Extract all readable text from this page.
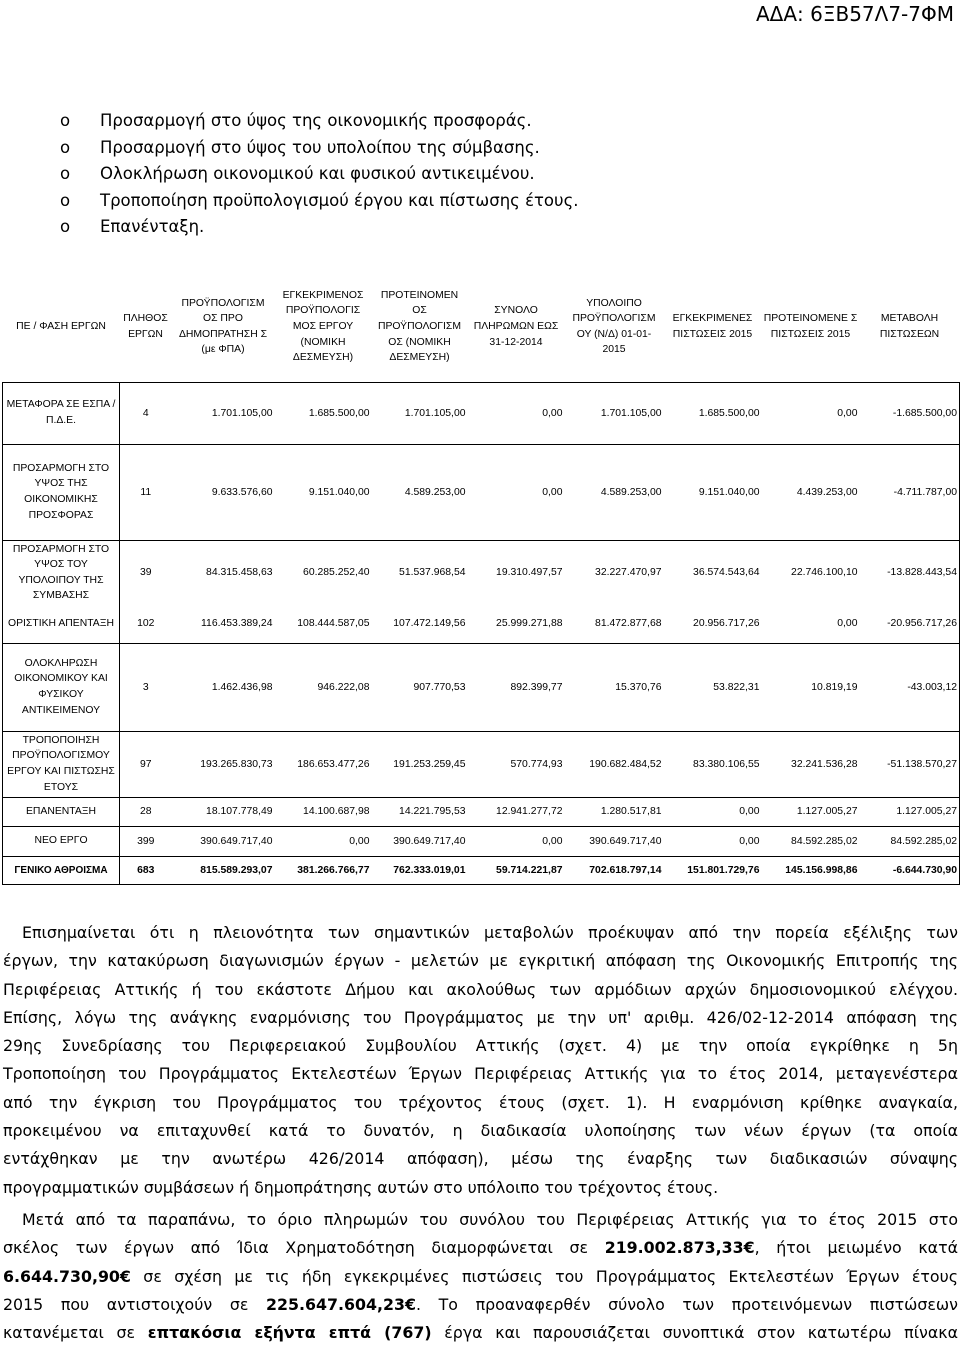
ΑΔΑ: 6ΞΒ57Λ7-7ΦΜ
o Προσαρμογή στο ύψος της οικονομικής προσφοράς.
o Προσαρμογή στο ύψος του υπολοίπου της σύμβασης.
o Ολοκλήρωση οικονομικού και φυσικού αντικειμένου.
o Τροποποίηση προϋπολογισμού έργου και πίστωσης έτους.
o Επανένταξη.
ΠΕ / ΦΑΣΗ ΕΡΓΩΝ	ΠΛΗΘΟΣ ΕΡΓΩΝ	ΠΡΟΫΠΟΛΟΓΙΣΜ ΟΣ ΠΡΟ ΔΗΜΟΠΡΑΤΗΣΗ Σ (με ΦΠΑ)	ΕΓΚΕΚΡΙΜΕΝΟΣ ΠΡΟΫΠΟΛΟΓΙΣ ΜΟΣ ΕΡΓΟΥ (ΝΟΜΙΚΗ ΔΕΣΜΕΥΣΗ)	ΠΡΟΤΕΙΝΟΜΕΝ ΟΣ ΠΡΟΫΠΟΛΟΓΙΣΜ ΟΣ (ΝΟΜΙΚΗ ΔΕΣΜΕΥΣΗ)	ΣΥΝΟΛΟ ΠΛΗΡΩΜΩΝ ΕΩΣ 31-12-2014	ΥΠΟΛΟΙΠΟ ΠΡΟΫΠΟΛΟΓΙΣΜ ΟΥ (Ν/Δ) 01-01-2015	ΕΓΚΕΚΡΙΜΕΝΕΣ ΠΙΣΤΩΣΕΙΣ 2015	ΠΡΟΤΕΙΝΟΜΕΝΕ Σ ΠΙΣΤΩΣΕΙΣ 2015	ΜΕΤΑΒΟΛΗ ΠΙΣΤΩΣΕΩΝ
ΜΕΤΑΦΟΡΑ ΣΕ ΕΣΠΑ / Π.Δ.Ε.	4	1.701.105,00	1.685.500,00	1.701.105,00	0,00	1.701.105,00	1.685.500,00	0,00	-1.685.500,00
ΠΡΟΣΑΡΜΟΓΗ ΣΤΟ ΥΨΟΣ ΤΗΣ ΟΙΚΟΝΟΜΙΚΗΣ ΠΡΟΣΦΟΡΑΣ	11	9.633.576,60	9.151.040,00	4.589.253,00	0,00	4.589.253,00	9.151.040,00	4.439.253,00	-4.711.787,00
ΠΡΟΣΑΡΜΟΓΗ ΣΤΟ ΥΨΟΣ ΤΟΥ ΥΠΟΛΟΙΠΟΥ ΤΗΣ ΣΥΜΒΑΣΗΣ	39	84.315.458,63	60.285.252,40	51.537.968,54	19.310.497,57	32.227.470,97	36.574.543,64	22.746.100,10	-13.828.443,54
ΟΡΙΣΤΙΚΗ ΑΠΕΝΤΑΞΗ	102	116.453.389,24	108.444.587,05	107.472.149,56	25.999.271,88	81.472.877,68	20.956.717,26	0,00	-20.956.717,26
ΟΛΟΚΛΗΡΩΣΗ ΟΙΚΟΝΟΜΙΚΟΥ ΚΑΙ ΦΥΣΙΚΟΥ ΑΝΤΙΚΕΙΜΕΝΟΥ	3	1.462.436,98	946.222,08	907.770,53	892.399,77	15.370,76	53.822,31	10.819,19	-43.003,12
ΤΡΟΠΟΠΟΙΗΣΗ ΠΡΟΫΠΟΛΟΓΙΣΜΟΥ ΕΡΓΟΥ ΚΑΙ ΠΙΣΤΩΣΗΣ ΕΤΟΥΣ	97	193.265.830,73	186.653.477,26	191.253.259,45	570.774,93	190.682.484,52	83.380.106,55	32.241.536,28	-51.138.570,27
ΕΠΑΝΕΝΤΑΞΗ	28	18.107.778,49	14.100.687,98	14.221.795,53	12.941.277,72	1.280.517,81	0,00	1.127.005,27	1.127.005,27
ΝΕΟ ΕΡΓΟ	399	390.649.717,40	0,00	390.649.717,40	0,00	390.649.717,40	0,00	84.592.285,02	84.592.285,02
ΓΕΝΙΚΟ ΑΘΡΟΙΣΜΑ	683	815.589.293,07	381.266.766,77	762.333.019,01	59.714.221,87	702.618.797,14	151.801.729,76	145.156.998,86	-6.644.730,90
Επισημαίνεται ότι η πλειονότητα των σημαντικών μεταβολών προέκυψαν από την πορεία εξέλιξης των
έργων, την κατακύρωση διαγωνισμών έργων - μελετών με εγκριτική απόφαση της Οικονομικής Επιτροπής της
Περιφέρειας Αττικής ή του εκάστοτε Δήμου και ακολούθως των αρμόδιων αρχών δημοσιονομικού ελέγχου.
Επίσης, λόγω της ανάγκης εναρμόνισης του Προγράμματος με την υπ' αριθμ. 426/02-12-2014 απόφαση της
29ης Συνεδρίασης του Περιφερειακού Συμβουλίου Αττικής (σχετ. 4) με την οποία εγκρίθηκε η 5η
Τροποποίηση του Προγράμματος Εκτελεστέων Έργων Περιφέρειας Αττικής για το έτος 2014, μεταγενέστερα
από την έγκριση του Προγράμματος του τρέχοντος έτους (σχετ. 1). Η εναρμόνιση κρίθηκε αναγκαία,
προκειμένου να επιταχυνθεί κατά το δυνατόν, η διαδικασία υλοποίησης των νέων έργων (τα οποία
εντάχθηκαν με την ανωτέρω 426/2014 απόφαση), μέσω της έναρξης των διαδικασιών σύναψης
προγραμματικών συμβάσεων ή δημοπράτησης αυτών στο υπόλοιπο του τρέχοντος έτους.
Μετά από τα παραπάνω, το όριο πληρωμών του συνόλου του Περιφέρειας Αττικής για το έτος 2015 στο
σκέλος των έργων από Ίδια Χρηματοδότηση διαμορφώνεται σε 219.002.873,33€, ήτοι μειωμένο κατά
6.644.730,90€ σε σχέση με τις ήδη εγκεκριμένες πιστώσεις του Προγράμματος Εκτελεστέων Έργων έτους
2015 που αντιστοιχούν σε 225.647.604,23€. Το προαναφερθέν σύνολο των προτεινόμενων πιστώσεων
κατανέμεται σε επτακόσια εξήντα επτά (767) έργα και παρουσιάζεται συνοπτικά στον κατωτέρω πίνακα
